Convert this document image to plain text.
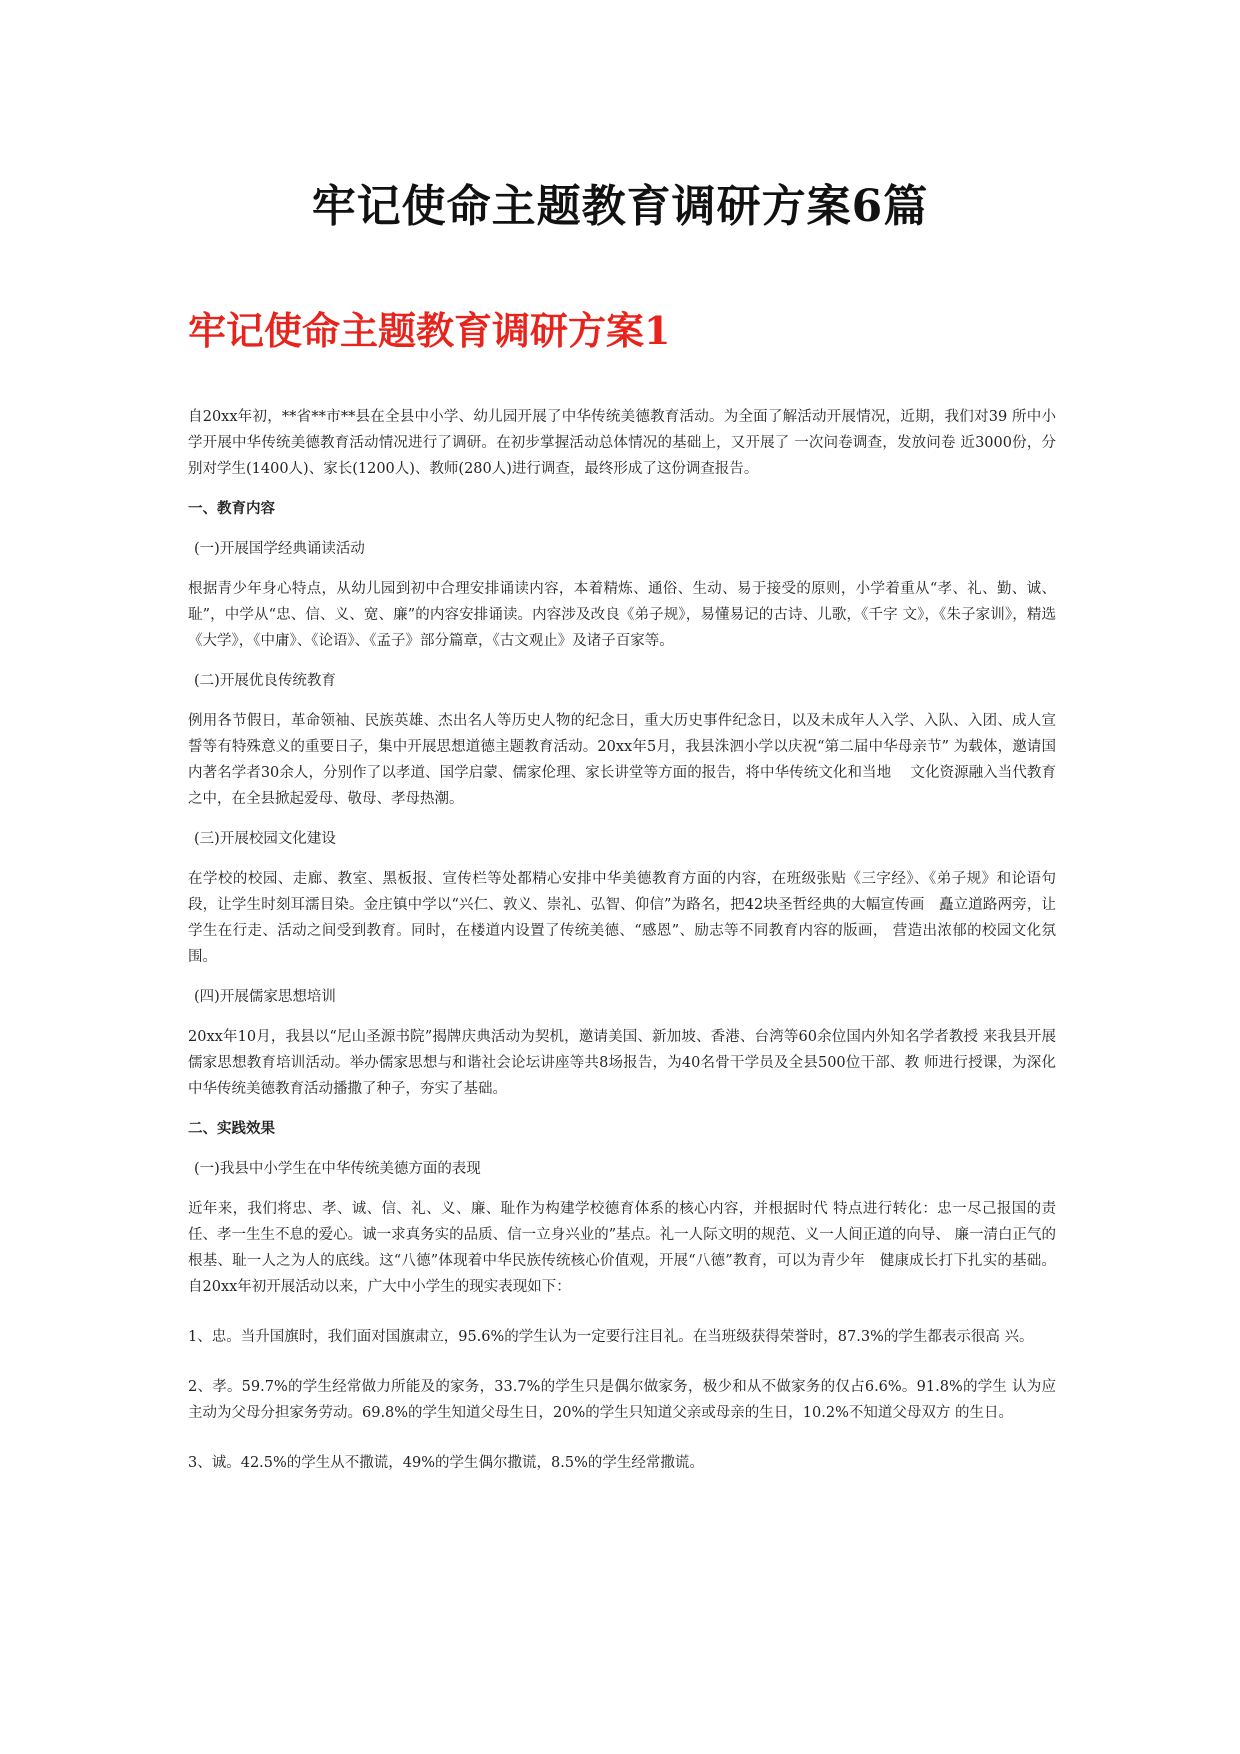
牢记使命主题教育调研方案6篇
牢记使命主题教育调研方案1

自20xx年初，**省**市**县在全县中小学、幼儿园开展了中华传统美德教育活动。为全面了解活动开展情况，近期，我们对39 所中小学开展中华传统美德教育活动情况进行了调研。在初步掌握活动总体情况的基础上，又开展了 一次问卷调查，发放问卷 近3000份，分别对学生(1400人)、家长(1200人)、教师(280人)进行调查，最终形成了这份调查报告。

一、教育内容

(一)开展国学经典诵读活动

根据青少年身心特点，从幼儿园到初中合理安排诵读内容，本着精炼、通俗、生动、易于接受的原则，小学着重从“孝、礼、勤、诚、耻”，中学从“忠、信、义、宽、廉”的内容安排诵读。内容涉及改良《弟子规》，易懂易记的古诗、儿歌，《千字 文》，《朱子家训》，精选《大学》，《中庸》、《论语》、《孟子》部分篇章，《古文观止》及诸子百家等。

(二)开展优良传统教育

例用各节假日，革命领袖、民族英雄、杰出名人等历史人物的纪念日，重大历史事件纪念日，以及未成年人入学、入队、入团、成人宣誓等有特殊意义的重要日子，集中开展思想道德主题教育活动。20xx年5月，我县洙泗小学以庆祝“第二届中华母亲节” 为载体，邀请国内著名学者30余人，分别作了以孝道、国学启蒙、儒家伦理、家长讲堂等方面的报告，将中华传统文化和当地　 文化资源融入当代教育之中，在全县掀起爱母、敬母、孝母热潮。

(三)开展校园文化建设

在学校的校园、走廊、教室、黑板报、宣传栏等处都精心安排中华美德教育方面的内容，在班级张贴《三字经》、《弟子规》和论语句段，让学生时刻耳濡目染。金庄镇中学以“兴仁、敦义、崇礼、弘智、仰信”为路名，把42块圣哲经典的大幅宣传画　矗立道路两旁，让学生在行走、活动之间受到教育。同时，在楼道内设置了传统美德、“感恩”、励志等不同教育内容的版画， 营造出浓郁的校园文化氛围。

(四)开展儒家思想培训

20xx年10月，我县以“尼山圣源书院”揭牌庆典活动为契机，邀请美国、新加坡、香港、台湾等60余位国内外知名学者教授 来我县开展儒家思想教育培训活动。举办儒家思想与和谐社会论坛讲座等共8场报告，为40名骨干学员及全县500位干部、教 师进行授课，为深化中华传统美德教育活动播撒了种子，夯实了基础。

二、实践效果

(一)我县中小学生在中华传统美德方面的表现

近年来，我们将忠、孝、诚、信、礼、义、廉、耻作为构建学校德育体系的核心内容，并根据时代 特点进行转化：忠一尽己报国的责任、孝一生生不息的爱心。诚一求真务实的品质、信一立身兴业的”基点。礼一人际文明的规范、义一人间正道的向导、 廉一清白正气的根基、耻一人之为人的底线。这“八德”体现着中华民族传统核心价值观，开展“八德”教育，可以为青少年　健康成长打下扎实的基础。自20xx年初开展活动以来，广大中小学生的现实表现如下：

1、忠。当升国旗时，我们面对国旗肃立，95.6%的学生认为一定要行注目礼。在当班级获得荣誉时，87.3%的学生都表示很高 兴。

2、孝。59.7%的学生经常做力所能及的家务，33.7%的学生只是偶尔做家务，极少和从不做家务的仅占6.6%。91.8%的学生 认为应主动为父母分担家务劳动。69.8%的学生知道父母生日，20%的学生只知道父亲或母亲的生日，10.2%不知道父母双方 的生日。

3、诚。42.5%的学生从不撒谎，49%的学生偶尔撒谎，8.5%的学生经常撒谎。
